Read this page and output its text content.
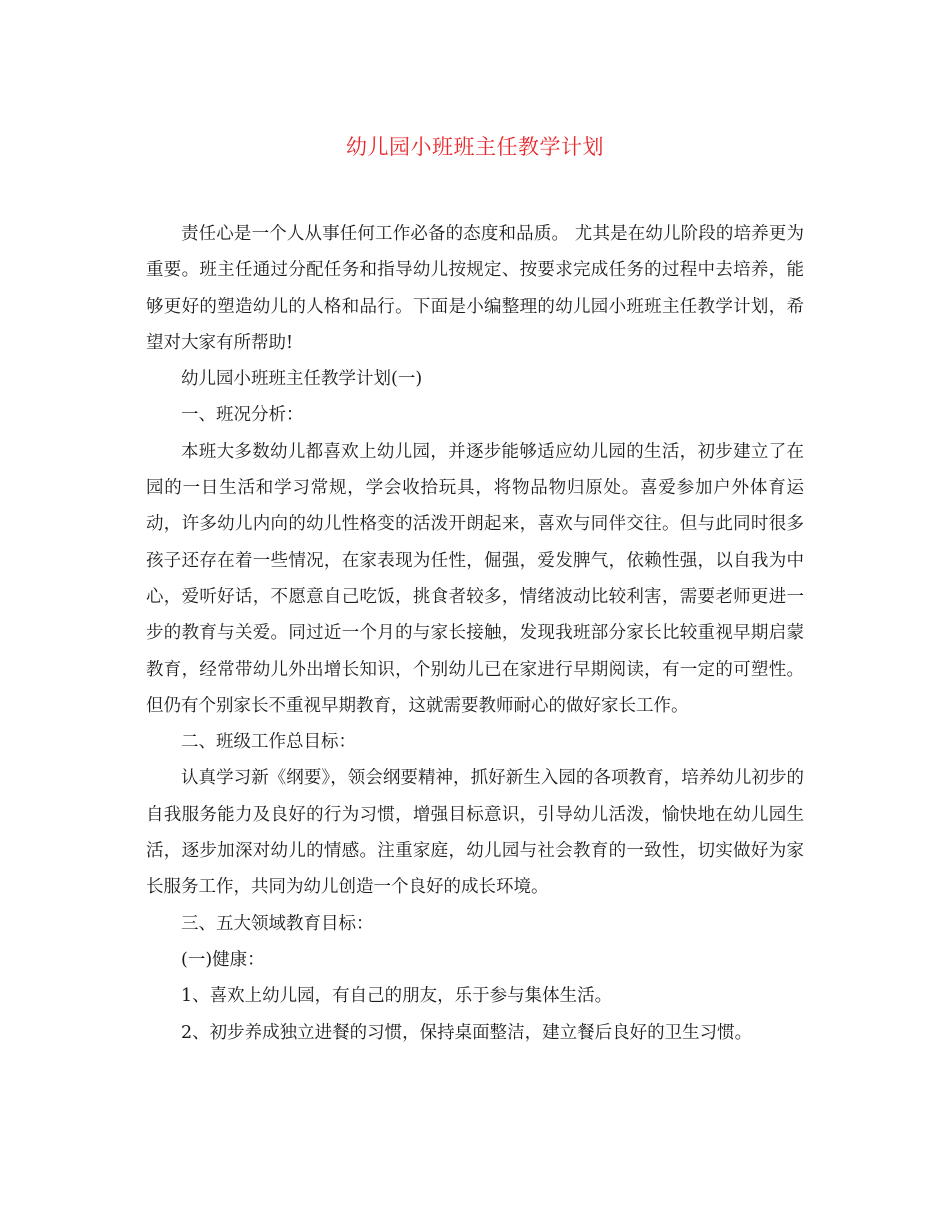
幼儿园小班班主任教学计划

责任心是一个人从事任何工作必备的态度和品质。 尤其是在幼儿阶段的培养更为重要。班主任通过分配任务和指导幼儿按规定、按要求完成任务的过程中去培养，能够更好的塑造幼儿的人格和品行。下面是小编整理的幼儿园小班班主任教学计划，希望对大家有所帮助!

幼儿园小班班主任教学计划(一)

一、班况分析：

本班大多数幼儿都喜欢上幼儿园，并逐步能够适应幼儿园的生活，初步建立了在园的一日生活和学习常规，学会收拾玩具，将物品物归原处。喜爱参加户外体育运动，许多幼儿内向的幼儿性格变的活泼开朗起来，喜欢与同伴交往。但与此同时很多孩子还存在着一些情况，在家表现为任性，倔强，爱发脾气，依赖性强，以自我为中心，爱听好话，不愿意自己吃饭，挑食者较多，情绪波动比较利害，需要老师更进一步的教育与关爱。同过近一个月的与家长接触，发现我班部分家长比较重视早期启蒙教育，经常带幼儿外出增长知识，个别幼儿已在家进行早期阅读，有一定的可塑性。但仍有个别家长不重视早期教育，这就需要教师耐心的做好家长工作。

二、班级工作总目标：

认真学习新《纲要》，领会纲要精神，抓好新生入园的各项教育，培养幼儿初步的自我服务能力及良好的行为习惯，增强目标意识，引导幼儿活泼，愉快地在幼儿园生活，逐步加深对幼儿的情感。注重家庭，幼儿园与社会教育的一致性，切实做好为家长服务工作，共同为幼儿创造一个良好的成长环境。

三、五大领域教育目标：

(一)健康：

1、喜欢上幼儿园，有自己的朋友，乐于参与集体生活。

2、初步养成独立进餐的习惯，保持桌面整洁，建立餐后良好的卫生习惯。
